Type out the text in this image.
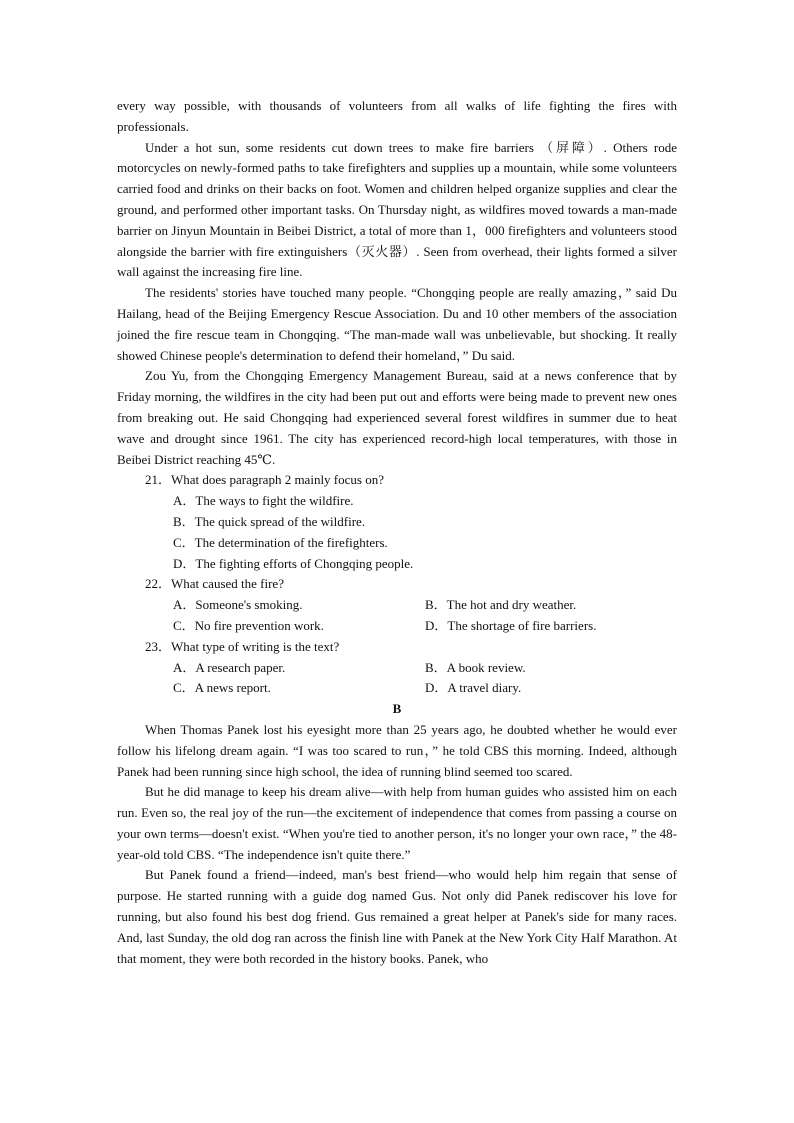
every way possible, with thousands of volunteers from all walks of life fighting the fires with professionals.

Under a hot sun, some residents cut down trees to make fire barriers （屏障）. Others rode motorcycles on newly-formed paths to take firefighters and supplies up a mountain, while some volunteers carried food and drinks on their backs on foot. Women and children helped organize supplies and clear the ground, and performed other important tasks. On Thursday night, as wildfires moved towards a man-made barrier on Jinyun Mountain in Beibei District, a total of more than 1，000 firefighters and volunteers stood alongside the barrier with fire extinguishers（灭火器）. Seen from overhead, their lights formed a silver wall against the increasing fire line.

The residents' stories have touched many people. “Chongqing people are really amazing，” said Du Hailang, head of the Beijing Emergency Rescue Association. Du and 10 other members of the association joined the fire rescue team in Chongqing. “The man-made wall was unbelievable, but shocking. It really showed Chinese people's determination to defend their homeland，” Du said.

Zou Yu, from the Chongqing Emergency Management Bureau, said at a news conference that by Friday morning, the wildfires in the city had been put out and efforts were being made to prevent new ones from breaking out. He said Chongqing had experienced several forest wildfires in summer due to heat wave and drought since 1961. The city has experienced record-high local temperatures, with those in Beibei District reaching 45℃.

21．What does paragraph 2 mainly focus on?

A．The ways to fight the wildfire.

B．The quick spread of the wildfire.

C．The determination of the firefighters.

D．The fighting efforts of Chongqing people.

22．What caused the fire?

A．Someone's smoking.	B．The hot and dry weather.
C．No fire prevention work.	D．The shortage of fire barriers.

23．What type of writing is the text?

A．A research paper.	B．A book review.
C．A news report.	D．A travel diary.

B

When Thomas Panek lost his eyesight more than 25 years ago, he doubted whether he would ever follow his lifelong dream again. “I was too scared to run，” he told CBS this morning. Indeed, although Panek had been running since high school, the idea of running blind seemed too scared.

But he did manage to keep his dream alive—with help from human guides who assisted him on each run. Even so, the real joy of the run—the excitement of independence that comes from passing a course on your own terms—doesn't exist. “When you're tied to another person, it's no longer your own race，” the 48-year-old told CBS. “The independence isn't quite there.”

But Panek found a friend—indeed, man's best friend—who would help him regain that sense of purpose. He started running with a guide dog named Gus. Not only did Panek rediscover his love for running, but also found his best dog friend. Gus remained a great helper at Panek's side for many races. And, last Sunday, the old dog ran across the finish line with Panek at the New York City Half Marathon. At that moment, they were both recorded in the history books. Panek, who
